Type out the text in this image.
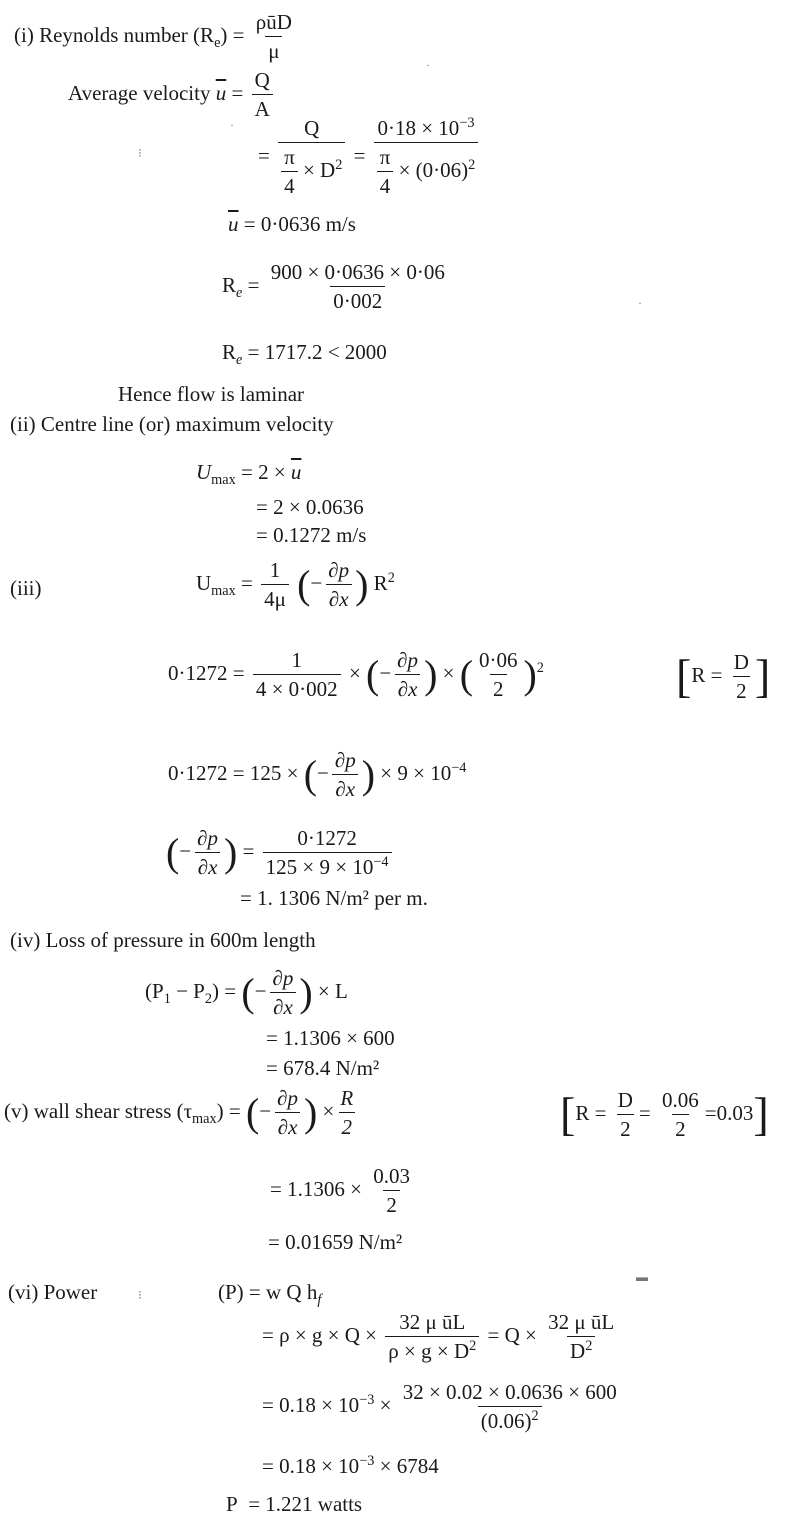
(i) Reynolds number $(R_e) = \frac{\text{ρūD}}{\mu}$
Average velocity $\overline{u} = \frac{Q}{A}$
= $\frac{Q}{\frac{\pi}{4} \times D^2} = \frac{0\cdot 18 \times 10^{-3}}{\frac{\pi}{4} \times (0\cdot 06)^2}$
$\overline{u} = 0\cdot 0636$ m/s
$R_e = \frac{900 \times 0\cdot 0636 \times 0\cdot 06}{0\cdot 002}$
$R_e = 1717.2 < 2000$
Hence flow is laminar
(ii) Centre line (or) maximum velocity
$U_{max} = 2 \times \overline{u}$
= 2 × 0.0636
= 0.1272 m/s
(iii)	$U_{max} = \frac{1}{4\mu}$ (− $\frac{\partial p}{\partial x}$ ) $R^2$
$0\cdot 1272 = \frac{1}{4 \times 0\cdot 002}$ × (− $\frac{\partial p}{\partial x}$ ) × ( $\frac{0\cdot 06}{2} )^2$	[$R = \frac{D}{2}$ ]
0·1272 = 125 × (− $\frac{\partial p}{\partial x}$ ) × $9 \times 10^{-4}$
(− $\frac{\partial p}{\partial x}$ ) = $\frac{0\cdot 1272}{125 \times 9 \times 10^{-4}}$
= 1. 1306 N/m² per m.
(iv) Loss of pressure in 600m length
$(P_1 - P_2)$ = (− $\frac{\partial p}{\partial x}$ ) × L
= 1.1306 × 600
= 678.4 N/m²
(v) wall shear stress $(\tau_{max})$ = (− $\frac{\partial p}{\partial x}$ ) × $\frac{R}{2}$	$[R = \frac{D}{2} = \frac{0.06}{2} =0.03]$
= $1.1306 \times \frac{0.03}{2}$
= 0.01659 N/m²
(vi) Power	(P) = w Q $h_f$
= $\rho \times g \times Q \times \frac{\text{32 μ ūL}}{\rho \times g \times D^2} = Q \times \frac{\text{32 μ ūL}}{D^2}$
= $0.18 \times 10^{-3} \times \frac{32 \times 0.02 \times 0.0636 \times 600}{(0.06)^2}$
= $0.18 \times 10^{-3} \times 6784$
P = 1.221 watts
·
⁝
·
·
⁝
▬
